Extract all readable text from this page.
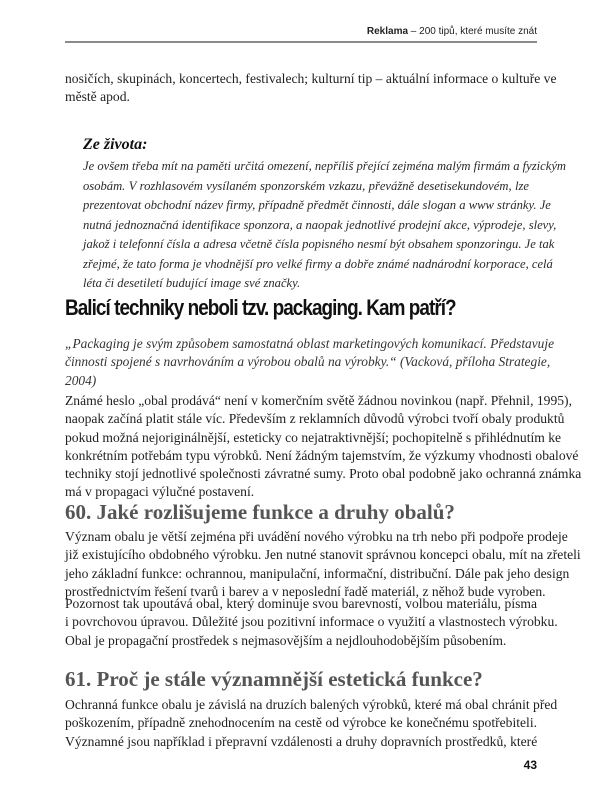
Reklama – 200 tipů, které musíte znát
nosičích, skupinách, koncertech, festivalech; kulturní tip – aktuální informace o kultuře ve
městě apod.
Ze života:
Je ovšem třeba mít na paměti určitá omezení, nepříliš přející zejména malým firmám a fyzickým
osobám. V rozhlasovém vysílaném sponzorském vzkazu, převážně desetisekundovém, lze
prezentovat obchodní název firmy, případně předmět činnosti, dále slogan a www stránky. Je
nutná jednoznačná identifikace sponzora, a naopak jednotlivé prodejní akce, výprodeje, slevy,
jakož i telefonní čísla a adresa včetně čísla popisného nesmí být obsahem sponzoringu. Je tak
zřejmé, že tato forma je vhodnější pro velké firmy a dobře známé nadnárodní korporace, celá
léta či desetiletí budující image své značky.
Balicí techniky neboli tzv. packaging. Kam patří?
„Packaging je svým způsobem samostatná oblast marketingových komunikací. Představuje
činnosti spojené s navrhováním a výrobou obalů na výrobky.“ (Vacková, příloha Strategie,
2004)
Známé heslo „obal prodává“ není v komerčním světě žádnou novinkou (např. Přehnil, 1995),
naopak začíná platit stále víc. Především z reklamních důvodů výrobci tvoří obaly produktů
pokud možná nejoriginálnější, esteticky co nejatraktivnější; pochopitelně s přihlédnutím ke
konkrétním potřebám typu výrobků. Není žádným tajemstvím, že výzkumy vhodnosti obalové
techniky stojí jednotlivé společnosti závratné sumy. Proto obal podobně jako ochranná známka
má v propagaci výlučné postavení.
60. Jaké rozlišujeme funkce a druhy obalů?
Význam obalu je větší zejména při uvádění nového výrobku na trh nebo při podpoře prodeje
již existujícího obdobného výrobku. Jen nutné stanovit správnou koncepci obalu, mít na zřeteli
jeho základní funkce: ochrannou, manipulační, informační, distribuční. Dále pak jeho design
prostřednictvím řešení tvarů i barev a v neposlední řadě materiál, z něhož bude vyroben.
Pozornost tak upoutává obal, který dominuje svou barevností, volbou materiálu, písma
i povrchovou úpravou. Důležité jsou pozitivní informace o využití a vlastnostech výrobku.
Obal je propagační prostředek s nejmasovějším a nejdlouhodobějším působením.
61. Proč je stále významnější estetická funkce?
Ochranná funkce obalu je závislá na druzích balených výrobků, které má obal chránit před
poškozením, případně znehodnocením na cestě od výrobce ke konečnému spotřebiteli.
Významné jsou například i přepravní vzdálenosti a druhy dopravních prostředků, které
43
